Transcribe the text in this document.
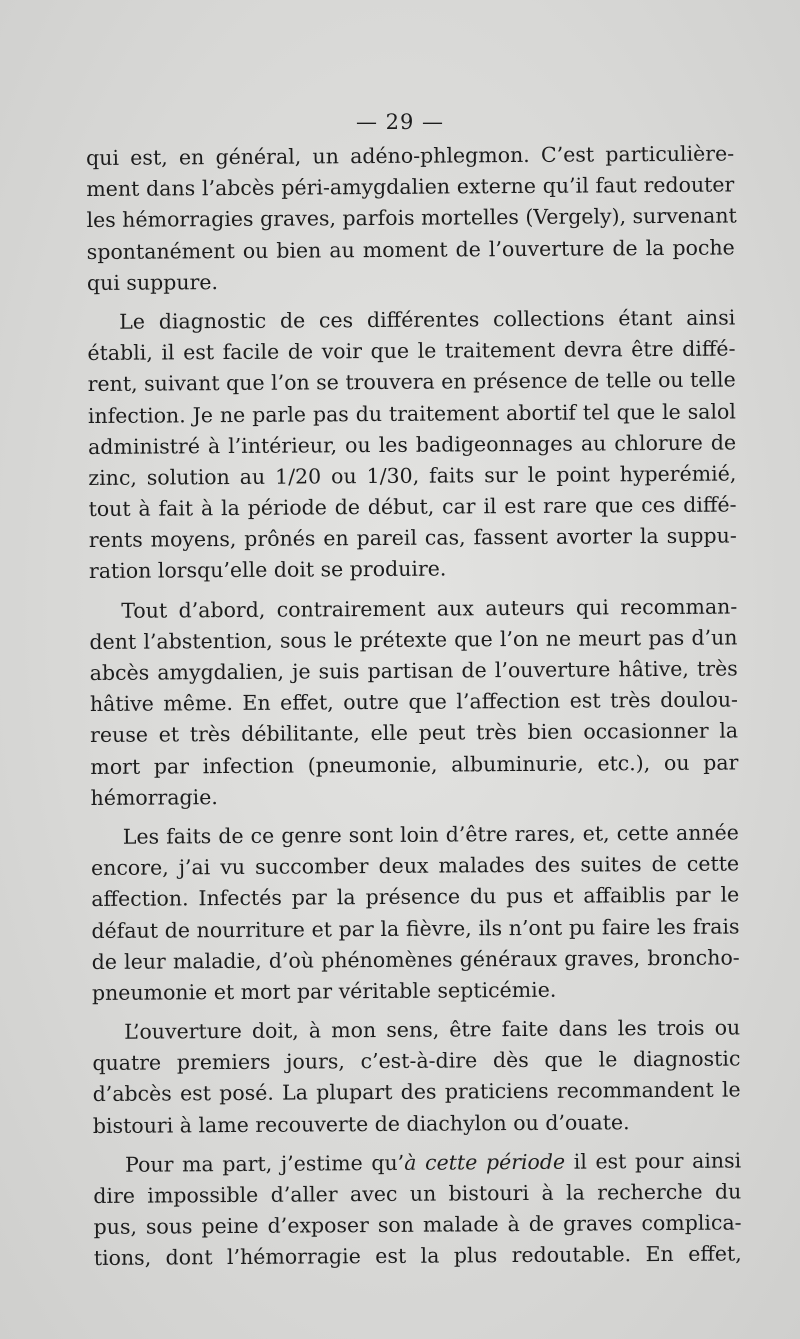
— 29 —
qui est, en général, un adéno-phlegmon. C’est particulière-
ment dans l’abcès péri-amygdalien externe qu’il faut redouter
les hémorragies graves, parfois mortelles (Vergely), survenant
spontanément ou bien au moment de l’ouverture de la poche
qui suppure.
Le diagnostic de ces différentes collections étant ainsi
établi, il est facile de voir que le traitement devra être diffé-
rent, suivant que l’on se trouvera en présence de telle ou telle
infection. Je ne parle pas du traitement abortif tel que le salol
administré à l’intérieur, ou les badigeonnages au chlorure de
zinc, solution au 1/20 ou 1/30, faits sur le point hyperémié,
tout à fait à la période de début, car il est rare que ces diffé-
rents moyens, prônés en pareil cas, fassent avorter la suppu-
ration lorsqu’elle doit se produire.
Tout d’abord, contrairement aux auteurs qui recomman-
dent l’abstention, sous le prétexte que l’on ne meurt pas d’un
abcès amygdalien, je suis partisan de l’ouverture hâtive, très
hâtive même. En effet, outre que l’affection est très doulou-
reuse et très débilitante, elle peut très bien occasionner la
mort par infection (pneumonie, albuminurie, etc.), ou par
hémorragie.
Les faits de ce genre sont loin d’être rares, et, cette année
encore, j’ai vu succomber deux malades des suites de cette
affection. Infectés par la présence du pus et affaiblis par le
défaut de nourriture et par la fièvre, ils n’ont pu faire les frais
de leur maladie, d’où phénomènes généraux graves, broncho-
pneumonie et mort par véritable septicémie.
L’ouverture doit, à mon sens, être faite dans les trois ou
quatre premiers jours, c’est-à-dire dès que le diagnostic
d’abcès est posé. La plupart des praticiens recommandent le
bistouri à lame recouverte de diachylon ou d’ouate.
Pour ma part, j’estime qu’à cette période il est pour ainsi
dire impossible d’aller avec un bistouri à la recherche du
pus, sous peine d’exposer son malade à de graves complica-
tions, dont l’hémorragie est la plus redoutable. En effet,
